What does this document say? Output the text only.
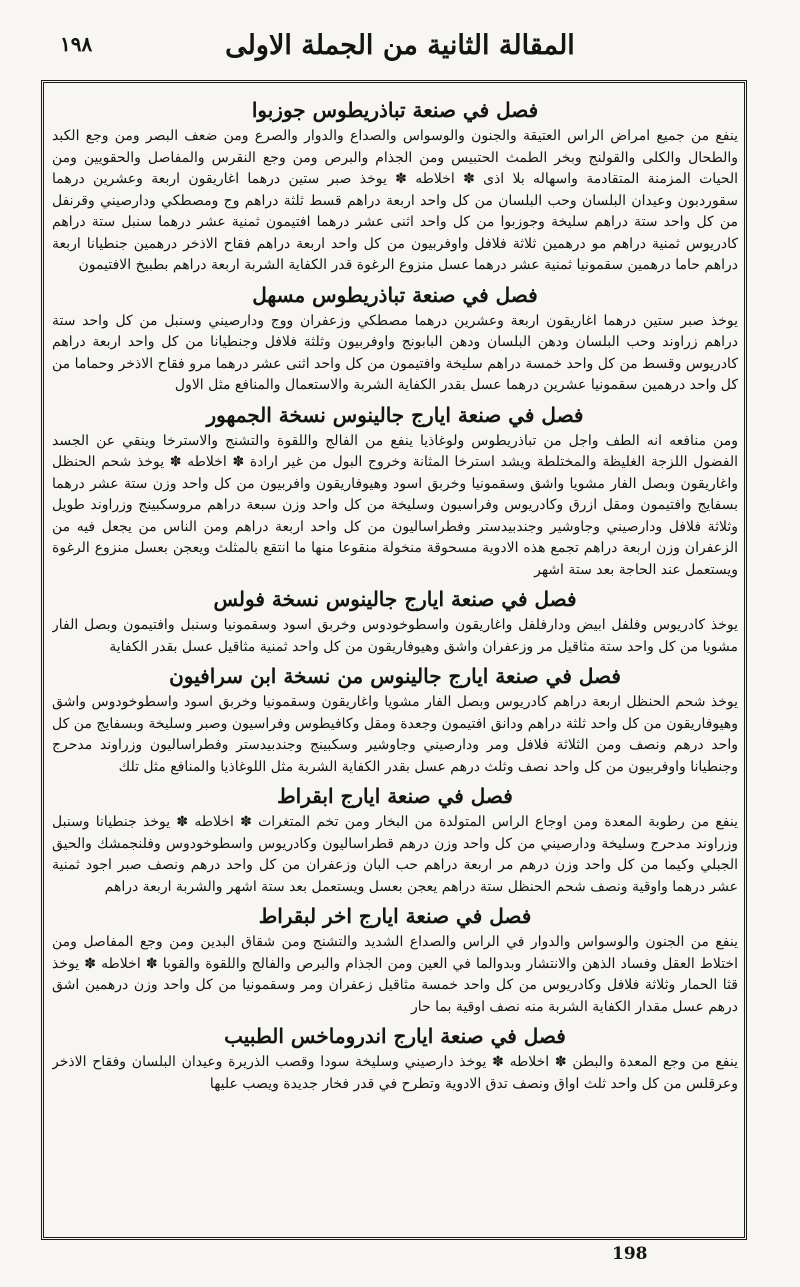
المقالة الثانية من الجملة الاولى
١٩٨
فصل في صنعة تباذريطوس جوزبوا

ينفع من جميع امراض الراس العتيقة والجنون والوسواس والصداع والدوار والصرع ومن ضعف البصر ومن وجع الكبد والطحال والكلى والقولنج وبخر الطمث الحتبيس ومن الجذام والبرص ومن وجع النقرس والمفاصل والحقويين ومن الحيات المزمنة المتقادمة واسهاله بلا اذى ✽ اخلاطه ✽ يوخذ صبر ستين درهما اغاريقون اربعة وعشرين درهما سقوردبون وعيدان البلسان وحب البلسان من كل واحد اربعة دراهم قسط ثلثة دراهم وج ومصطكي ودارصيني وقرنفل من كل واحد ستة دراهم سليخة وجوزبوا من كل واحد اثنى عشر درهما افتيمون ثمنية عشر درهما سنبل ستة دراهم كادريوس ثمنية دراهم مو درهمين ثلاثة فلافل واوفربيون من كل واحد اربعة دراهم فقاح الاذخر درهمين جنطيانا اربعة دراهم حاما درهمين سقمونيا ثمنية عشر درهما عسل منزوع الرغوة قدر الكفاية الشربة اربعة دراهم بطبيخ الافتيمون

فصل في صنعة تباذريطوس مسهل

يوخذ صبر ستين درهما اغاريقون اربعة وعشرين درهما مصطكي وزعفران ووج ودارصيني وسنبل من كل واحد ستة دراهم زراوند وحب البلسان ودهن البلسان ودهن البابونج واوفربيون وثلثة فلافل وجنطيانا من كل واحد اربعة دراهم كادريوس وقسط من كل واحد خمسة دراهم سليخة وافتيمون من كل واحد اثنى عشر درهما مرو فقاح الاذخر وحماما من كل واحد درهمين سقمونيا عشرين درهما عسل بقدر الكفاية الشربة والاستعمال والمنافع مثل الاول

فصل في صنعة ايارج جالينوس نسخة الجمهور

ومن منافعه انه الطف واجل من تباذريطوس ولوغاذيا ينفع من الفالج واللقوة والتشنج والاسترخا وينقي عن الجسد الفضول اللزجة الغليظة والمختلطة ويشد استرخا المثانة وخروج البول من غير ارادة ✽ اخلاطه ✽ يوخذ شحم الحنظل واغاريقون وبصل الفار مشويا واشق وسقمونيا وخربق اسود وهيوفاريقون وافربيون من كل واحد وزن ستة عشر درهما بسفايج وافتيمون ومقل ازرق وكادريوس وفراسيون وسليخة من كل واحد وزن سبعة دراهم مروسكبينج وزراوند طويل وثلاثة فلافل ودارصيني وجاوشير وجندبيدستر وفطراساليون من كل واحد اربعة دراهم ومن الناس من يجعل فيه من الزعفران وزن اربعة دراهم تجمع هذه الادوية مسحوقة منخولة منقوعا منها ما انتقع بالمثلث ويعجن بعسل منزوع الرغوة ويستعمل عند الحاجة بعد ستة اشهر

فصل في صنعة ايارج جالينوس نسخة فولس

يوخذ كادريوس وفلفل ابيض ودارفلفل واغاريقون واسطوخودوس وخربق اسود وسقمونيا وسنبل وافتيمون وبصل الفار مشويا من كل واحد ستة مثاقيل مر وزعفران واشق وهيوفاريقون من كل واحد ثمنية مثاقيل عسل بقدر الكفاية

فصل في صنعة ايارج جالينوس من نسخة ابن سرافيون

يوخذ شحم الحنظل اربعة دراهم كادريوس وبصل الفار مشويا واغاريقون وسقمونيا وخربق اسود واسطوخودوس واشق وهيوفاريقون من كل واحد ثلثة دراهم ودانق افتيمون وجعدة ومقل وكافيطوس وفراسيون وصبر وسليخة وبسفايج من كل واحد درهم ونصف ومن الثلاثة فلافل ومر ودارصيني وجاوشير وسكبينج وجندبيدستر وفطراساليون وزراوند مدحرج وجنطيانا واوفربيون من كل واحد نصف وثلث درهم عسل بقدر الكفاية الشربة مثل اللوغاذيا والمنافع مثل تلك

فصل في صنعة ايارج ابقراط

ينفع من رطوبة المعدة ومن اوجاع الراس المتولدة من البخار ومن تخم المتغرات ✽ اخلاطه ✽ يوخذ جنطيانا وسنبل وزراوند مدحرج وسليخة ودارصيني من كل واحد وزن درهم قطراساليون وكادريوس واسطوخودوس وفلنجمشك والحيق الجبلي وكيما من كل واحد وزن درهم مر اربعة دراهم حب البان وزعفران من كل واحد درهم ونصف صبر اجود ثمنية عشر درهما واوقية ونصف شحم الحنظل ستة دراهم يعجن بعسل ويستعمل بعد ستة اشهر والشربة اربعة دراهم

فصل في صنعة ايارج اخر لبقراط

ينفع من الجنون والوسواس والدوار في الراس والصداع الشديد والتشنج ومن شقاق البدين ومن وجع المفاصل ومن اختلاط العقل وفساد الذهن والانتشار وبدوالما في العين ومن الجذام والبرص والفالج واللقوة والقوبا ✽ اخلاطه ✽ يوخذ قثا الحمار وثلاثة فلافل وكادريوس من كل واحد خمسة مثاقيل زعفران ومر وسقمونيا من كل واحد وزن درهمين اشق درهم عسل مقدار الكفاية الشربة منه نصف اوقية بما حار

فصل في صنعة ايارج اندروماخس الطبيب

ينفع من وجع المعدة والبطن ✽ اخلاطه ✽ يوخذ دارصيني وسليخة سودا وقصب الذريرة وعيدان البلسان وفقاح الاذخر وعرقلس من كل واحد ثلث اواق ونصف تدق الادوية وتطرح في قدر فخار جديدة ويصب عليها

198
